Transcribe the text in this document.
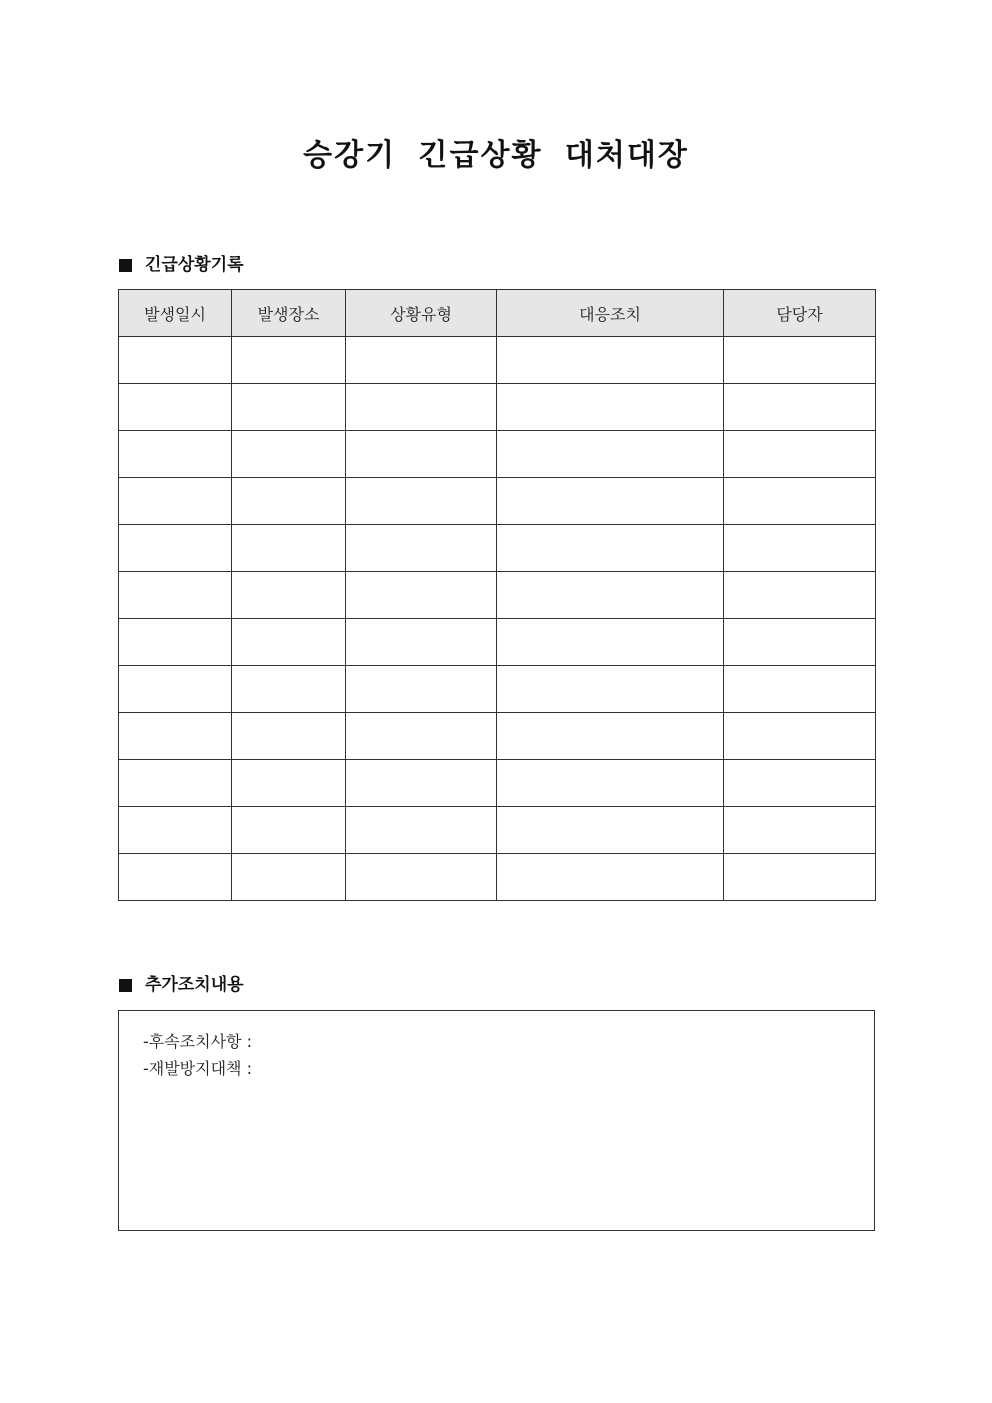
승강기 긴급상황 대처대장
긴급상황기록
발생일시	발생장소	상황유형	대응조치	담당자

추가조치내용
-후속조치사항 :
-재발방지대책 :
